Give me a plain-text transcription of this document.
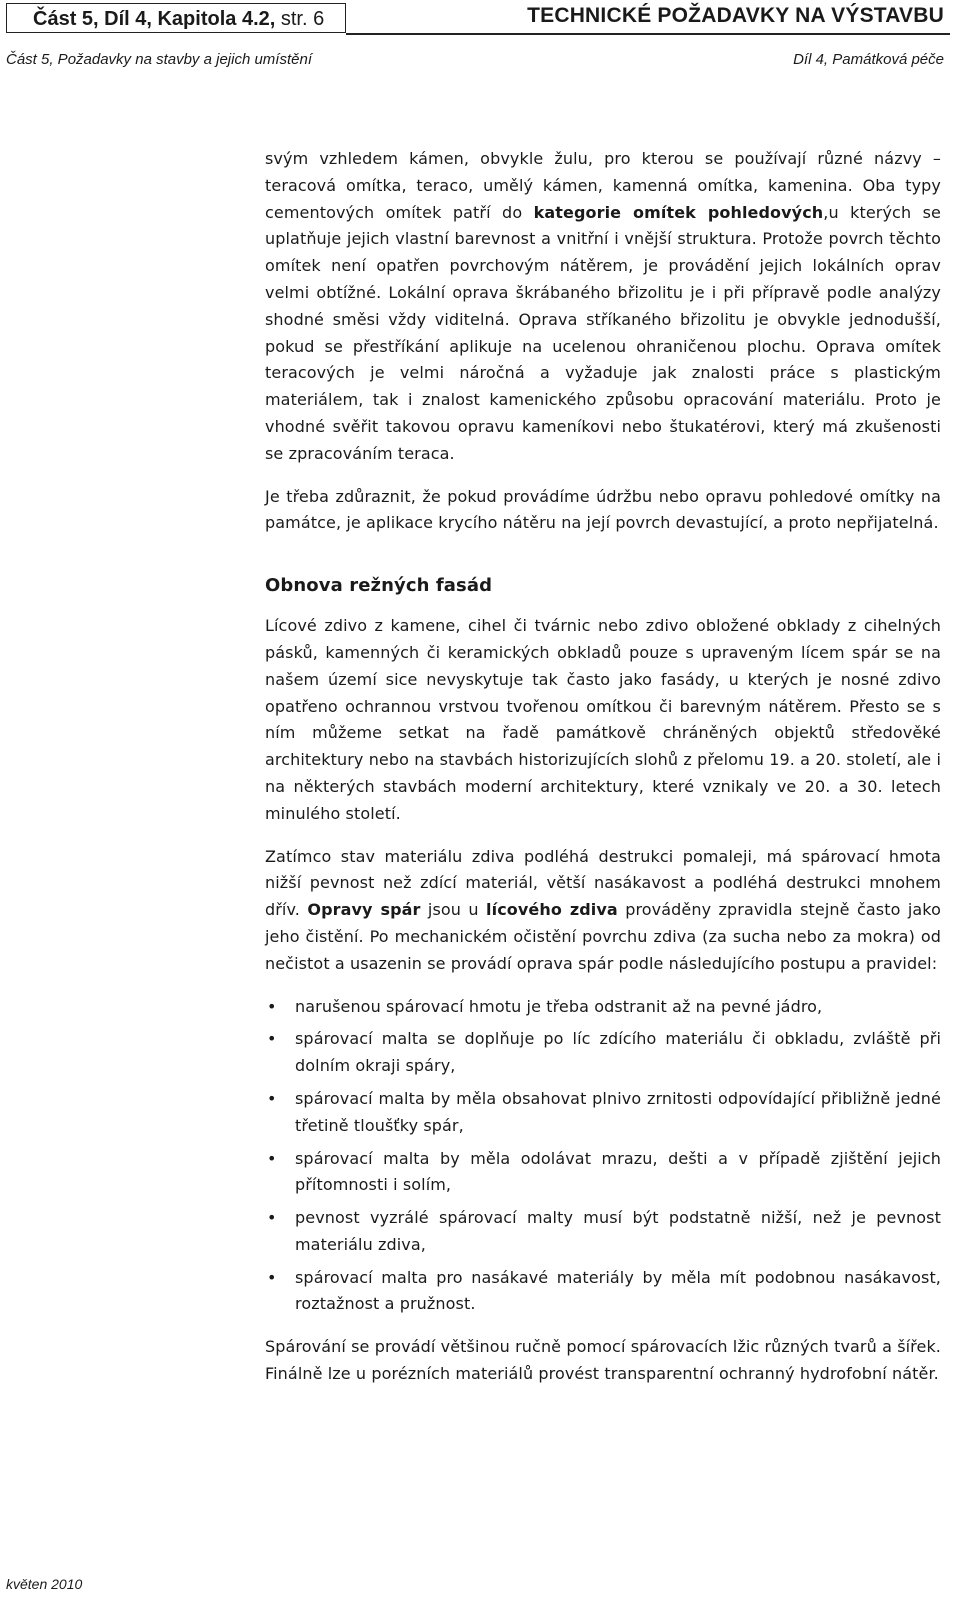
Část 5, Díl 4, Kapitola 4.2, str. 6	TECHNICKÉ POŽADAVKY NA VÝSTAVBU
Část 5, Požadavky na stavby a jejich umístění	Díl 4, Památková péče

svým vzhledem kámen, obvykle žulu, pro kterou se používají různé názvy – teracová omítka, teraco, umělý kámen, kamenná omítka, kamenina. Oba typy cementových omítek patří do kategorie omítek pohledových,u kterých se uplatňuje jejich vlastní barevnost a vnitřní i vnější struktura. Protože povrch těchto omítek není opatřen povrchovým nátěrem, je provádění jejich lokálních oprav velmi obtížné. Lokální oprava škrábaného břizolitu je i při přípravě podle analýzy shodné směsi vždy viditelná. Oprava stříkaného břizolitu je obvykle jednodušší, pokud se přestříkání aplikuje na ucelenou ohraničenou plochu. Oprava omítek teracových je velmi náročná a vyžaduje jak znalosti práce s plastickým materiálem, tak i znalost kamenického způsobu opracování materiálu. Proto je vhodné svěřit takovou opravu kameníkovi nebo štukatérovi, který má zkušenosti se zpracováním teraca.

Je třeba zdůraznit, že pokud provádíme údržbu nebo opravu pohledové omítky na památce, je aplikace krycího nátěru na její povrch devastující, a proto nepřijatelná.

Obnova režných fasád

Lícové zdivo z kamene, cihel či tvárnic nebo zdivo obložené obklady z cihelných pásků, kamenných či keramických obkladů pouze s upraveným lícem spár se na našem území sice nevyskytuje tak často jako fasády, u kterých je nosné zdivo opatřeno ochrannou vrstvou tvořenou omítkou či barevným nátěrem. Přesto se s ním můžeme setkat na řadě památkově chráněných objektů středověké architektury nebo na stavbách historizujících slohů z přelomu 19. a 20. století, ale i na některých stavbách moderní architektury, které vznikaly ve 20. a 30. letech minulého století.

Zatímco stav materiálu zdiva podléhá destrukci pomaleji, má spárovací hmota nižší pevnost než zdící materiál, větší nasákavost a podléhá destrukci mnohem dřív. Opravy spár jsou u lícového zdiva prováděny zpravidla stejně často jako jeho čistění. Po mechanickém očistění povrchu zdiva (za sucha nebo za mokra) od nečistot a usazenin se provádí oprava spár podle následujícího postupu a pravidel:

• narušenou spárovací hmotu je třeba odstranit až na pevné jádro,
• spárovací malta se doplňuje po líc zdícího materiálu či obkladu, zvláště při dolním okraji spáry,
• spárovací malta by měla obsahovat plnivo zrnitosti odpovídající přibližně jedné třetině tloušťky spár,
• spárovací malta by měla odolávat mrazu, dešti a v případě zjištění jejich přítomnosti i solím,
• pevnost vyzrálé spárovací malty musí být podstatně nižší, než je pevnost materiálu zdiva,
• spárovací malta pro nasákavé materiály by měla mít podobnou nasákavost, roztažnost a pružnost.

Spárování se provádí většinou ručně pomocí spárovacích lžic různých tvarů a šířek. Finálně lze u porézních materiálů provést transparentní ochranný hydrofobní nátěr.

květen 2010
